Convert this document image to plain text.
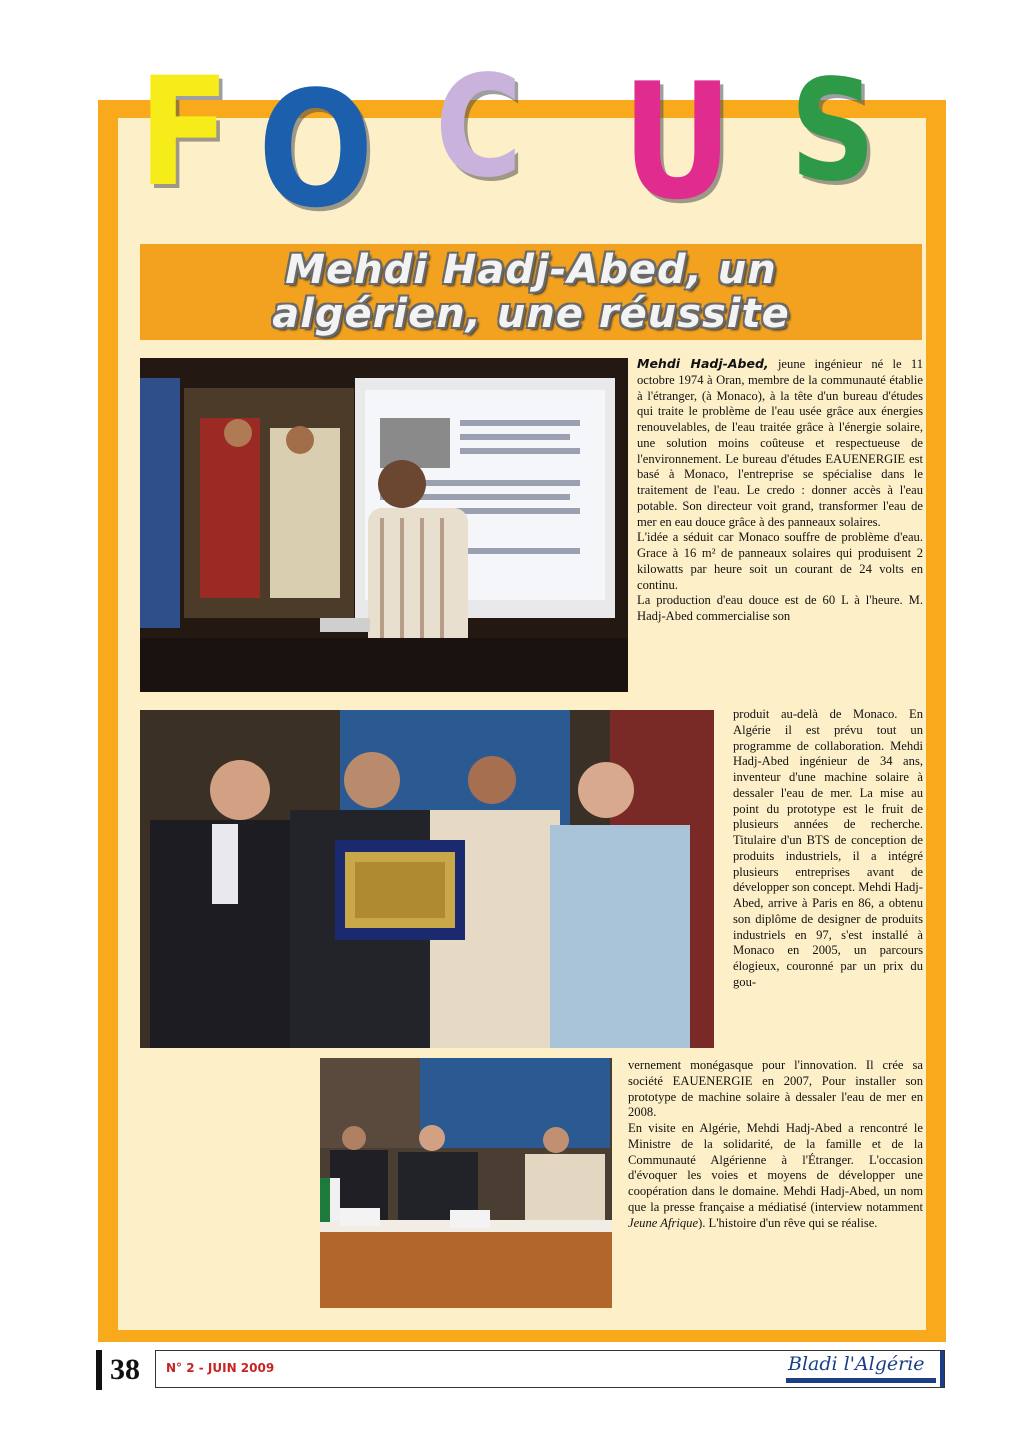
F O C U S
Mehdi Hadj-Abed, un
algérien, une réussite

Mehdi Hadj-Abed, jeune ingénieur né le 11 octobre 1974 à Oran, membre de la communauté établie à l'étranger, (à Monaco), à la tête d'un bureau d'études qui traite le problème de l'eau usée grâce aux énergies renouvelables, de l'eau traitée grâce à l'énergie solaire, une solution moins coûteuse et respectueuse de l'environnement. Le bureau d'études EAUENERGIE est basé à Monaco, l'entreprise se spécialise dans le traitement de l'eau. Le credo : donner accès à l'eau potable. Son directeur voit grand, transformer l'eau de mer en eau douce grâce à des panneaux solaires.

L'idée a séduit car Monaco souffre de problème d'eau. Grace à 16 m² de panneaux solaires qui produisent 2 kilowatts par heure soit un courant de 24 volts en continu.

La production d'eau douce est de 60 L à l'heure. M. Hadj-Abed commercialise son

produit au-delà de Monaco. En Algérie il est prévu tout un programme de collaboration. Mehdi Hadj-Abed ingénieur de 34 ans, inventeur d'une machine solaire à dessaler l'eau de mer. La mise au point du prototype est le fruit de plusieurs années de recherche. Titulaire d'un BTS de conception de produits industriels, il a intégré plusieurs entreprises avant de développer son concept. Mehdi Hadj-Abed, arrive à Paris en 86, a obtenu son diplôme de designer de produits industriels en 97, s'est installé à Monaco en 2005, un parcours élogieux, couronné par un prix du gou-

vernement monégasque pour l'innovation. Il crée sa société EAUENERGIE en 2007, Pour installer son prototype de machine solaire à dessaler l'eau de mer en 2008.

En visite en Algérie, Mehdi Hadj-Abed a rencontré le Ministre de la solidarité, de la famille et de la Communauté Algérienne à l'Étranger. L'occasion d'évoquer les voies et moyens de développer une coopération dans le domaine. Mehdi Hadj-Abed, un nom que la presse française a médiatisé (interview notamment Jeune Afrique). L'histoire d'un rêve qui se réalise.

38 N° 2 - JUIN 2009	Bladi l'Algérie
